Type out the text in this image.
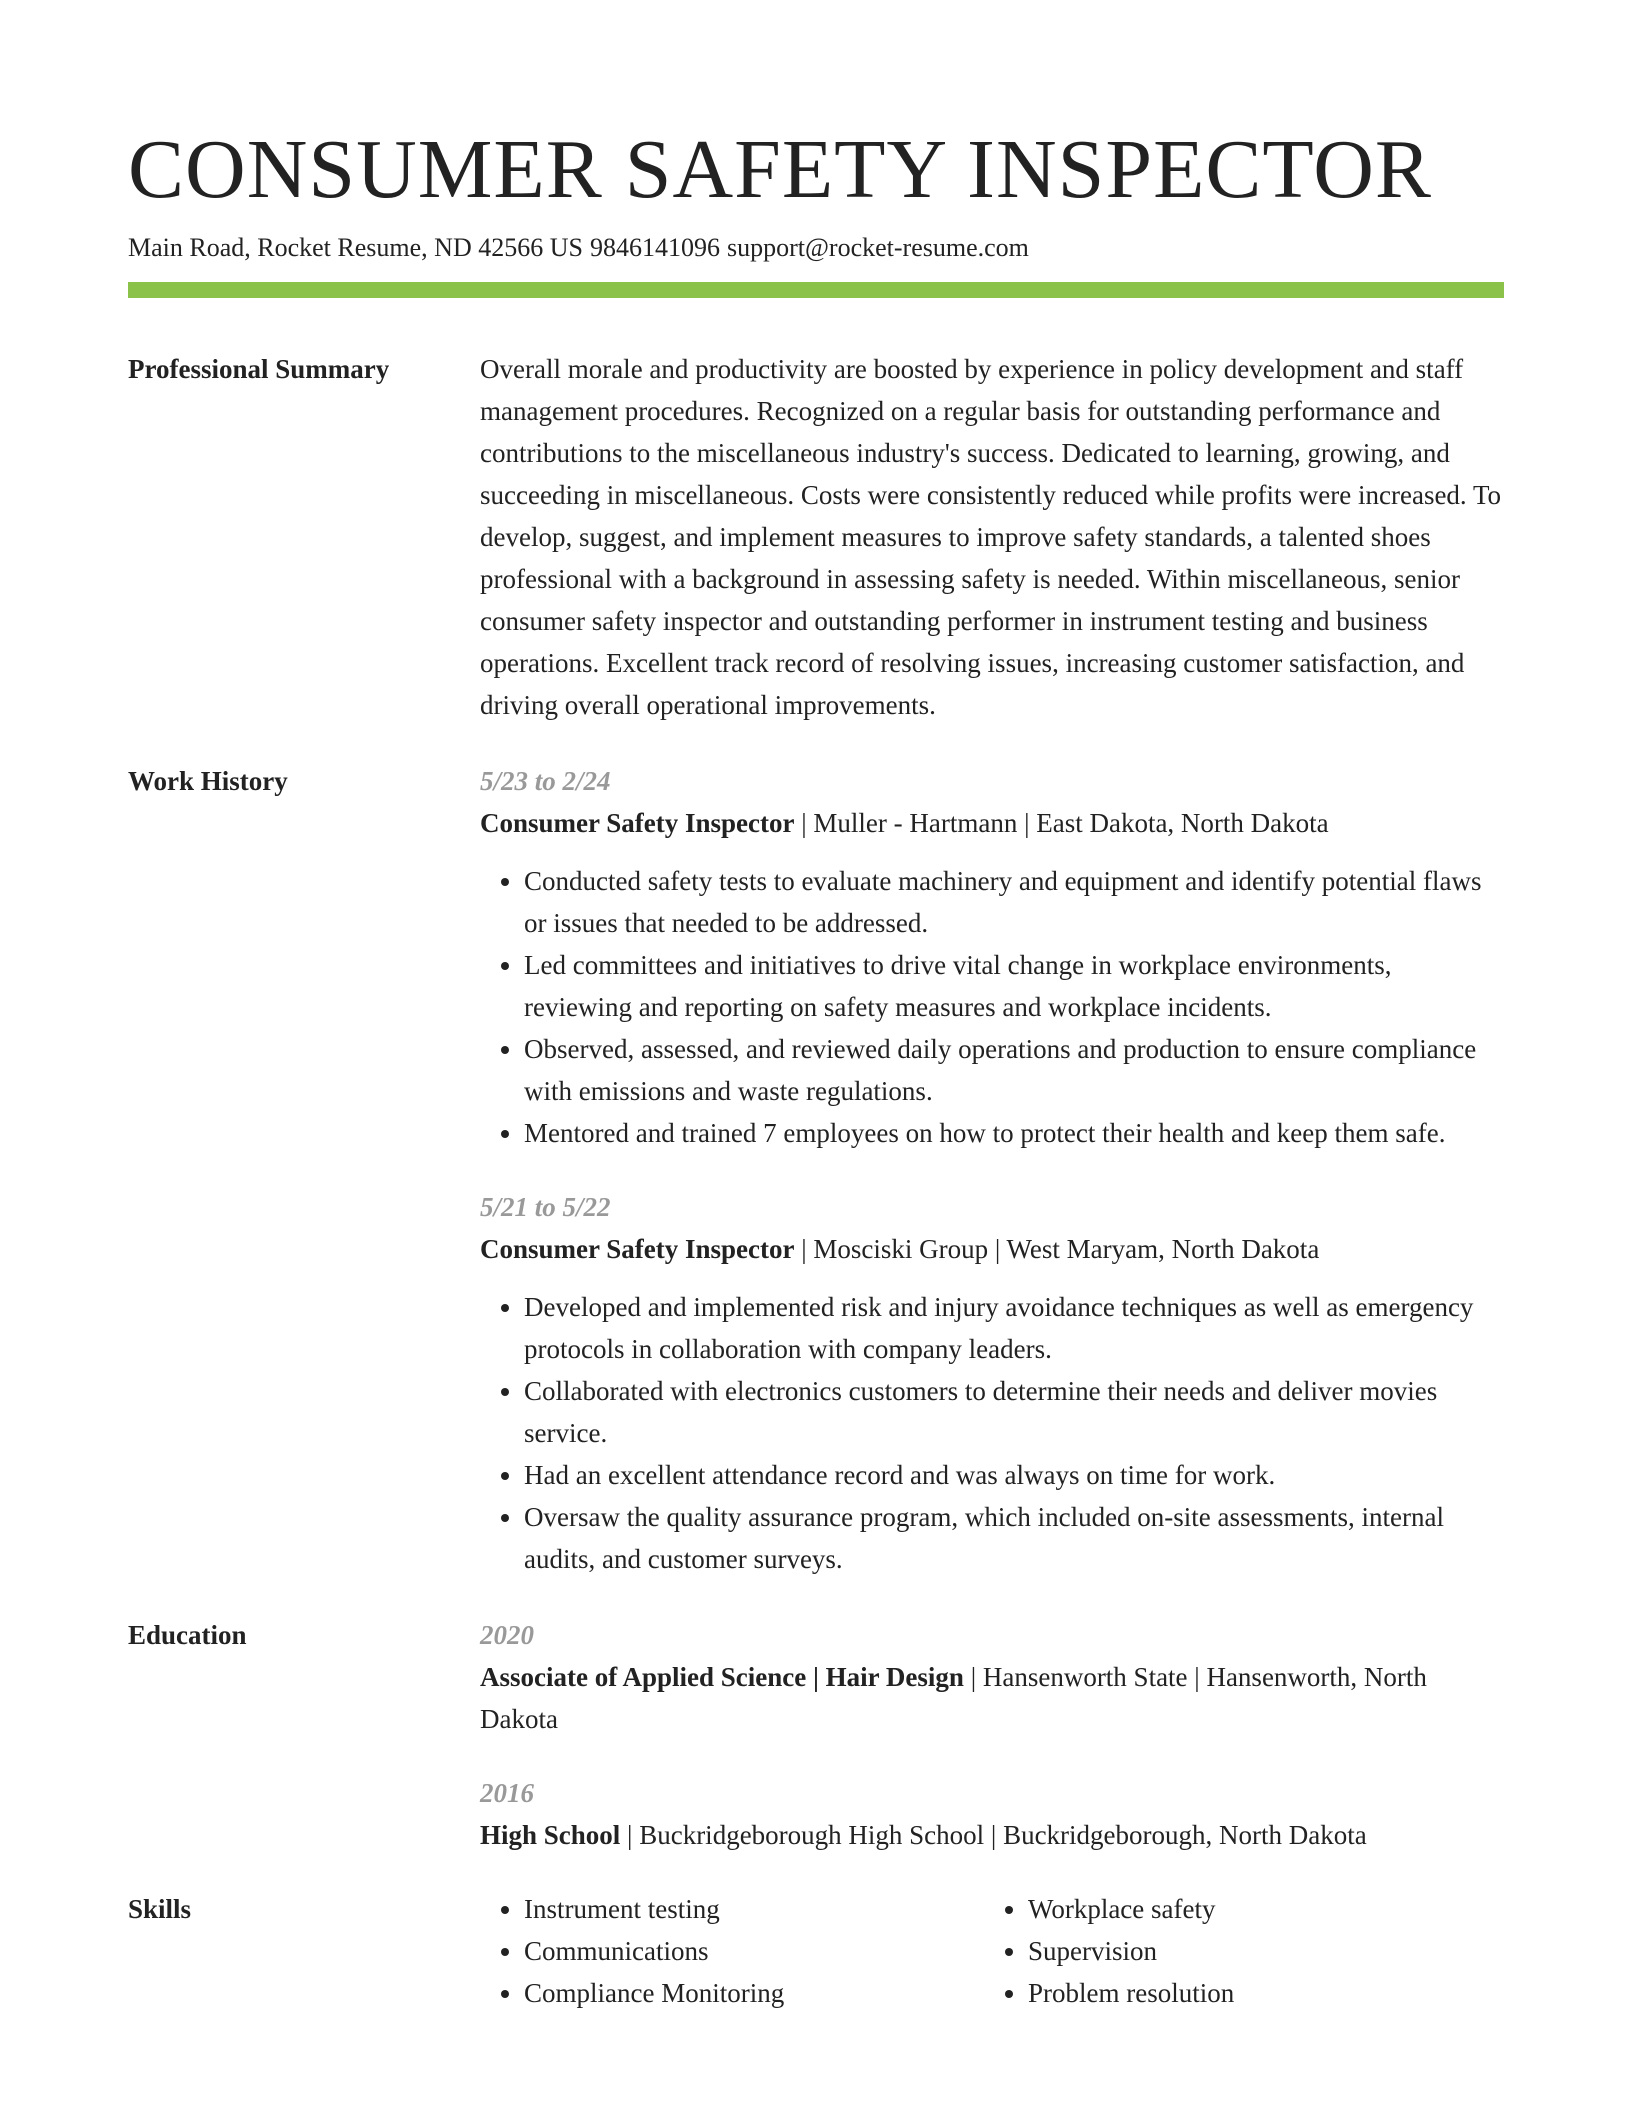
CONSUMER SAFETY INSPECTOR
Main Road, Rocket Resume, ND 42566 US 9846141096 support@rocket-resume.com
Professional Summary	Overall morale and productivity are boosted by experience in policy development and staff management procedures. Recognized on a regular basis for outstanding performance and contributions to the miscellaneous industry's success. Dedicated to learning, growing, and succeeding in miscellaneous. Costs were consistently reduced while profits were increased. To develop, suggest, and implement measures to improve safety standards, a talented shoes professional with a background in assessing safety is needed. Within miscellaneous, senior consumer safety inspector and outstanding performer in instrument testing and business operations. Excellent track record of resolving issues, increasing customer satisfaction, and driving overall operational improvements.

Work History	5/23 to 2/24
Consumer Safety Inspector | Muller - Hartmann | East Dakota, North Dakota
• Conducted safety tests to evaluate machinery and equipment and identify potential flaws or issues that needed to be addressed.
• Led committees and initiatives to drive vital change in workplace environments, reviewing and reporting on safety measures and workplace incidents.
• Observed, assessed, and reviewed daily operations and production to ensure compliance with emissions and waste regulations.
• Mentored and trained 7 employees on how to protect their health and keep them safe.
5/21 to 5/22
Consumer Safety Inspector | Mosciski Group | West Maryam, North Dakota
• Developed and implemented risk and injury avoidance techniques as well as emergency protocols in collaboration with company leaders.
• Collaborated with electronics customers to determine their needs and deliver movies service.
• Had an excellent attendance record and was always on time for work.
• Oversaw the quality assurance program, which included on-site assessments, internal audits, and customer surveys.
Education	2020
Associate of Applied Science | Hair Design | Hansenworth State | Hansenworth, North Dakota
2016
High School | Buckridgeborough High School | Buckridgeborough, North Dakota
Skills
•	Instrument testing
• Communications
• Compliance Monitoring
• Workplace safety
• Supervision
• Problem resolution
